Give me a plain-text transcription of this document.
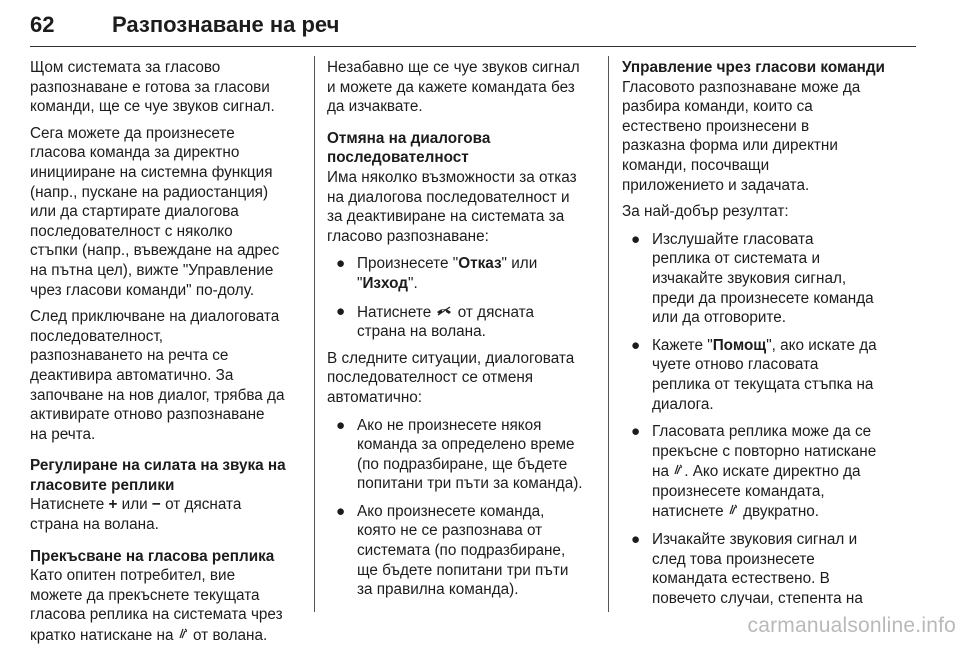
62	Разпознаване на реч

Щом системата за гласово
разпознаване е готова за гласови
команди, ще се чуе звуков сигнал.

Сега можете да произнесете
гласова команда за директно
иницииране на системна функция
(напр., пускане на радиостанция)
или да стартирате диалогова
последователност с няколко
стъпки (напр., въвеждане на адрес
на пътна цел), вижте "Управление
чрез гласови команди" по-долу.

След приключване на диалоговата
последователност,
разпознаването на речта се
деактивира автоматично. За
започване на нов диалог, трябва да
активирате отново разпознаване
на речта.

Регулиране на силата на звука на
гласовите реплики

Натиснете + или − от дясната
страна на волана.

Прекъсване на гласова реплика

Като опитен потребител, вие
можете да прекъснете текущата
гласова реплика на системата чрез
кратко натискане на  от волана.

Незабавно ще се чуе звуков сигнал
и можете да кажете командата без
да изчаквате.

Отмяна на диалогова
последователност

Има няколко възможности за отказ
на диалогова последователност и
за деактивиране на системата за
гласово разпознаване:

● Произнесете "Отказ" или
"Изход".
● Натиснете  от дясната
страна на волана.

В следните ситуации, диалоговата
последователност се отменя
автоматично:

● Ако не произнесете някоя
команда за определено време
(по подразбиране, ще бъдете
попитани три пъти за команда).
● Ако произнесете команда,
която не се разпознава от
системата (по подразбиране,
ще бъдете попитани три пъти
за правилна команда).

Управление чрез гласови команди

Гласовото разпознаване може да
разбира команди, които са
естествено произнесени в
разказна форма или директни
команди, посочващи
приложението и задачата.

За най-добър резултат:

● Изслушайте гласовата
реплика от системата и
изчакайте звуковия сигнал,
преди да произнесете команда
или да отговорите.
● Кажете "Помощ", ако искате да
чуете отново гласовата
реплика от текущата стъпка на
диалога.
● Гласовата реплика може да се
прекъсне с повторно натискане
на . Ако искате директно да
произнесете командата,
натиснете  двукратно.
● Изчакайте звуковия сигнал и
след това произнесете
командата естествено. В
повечето случаи, степента на
carmanualsonline.info
